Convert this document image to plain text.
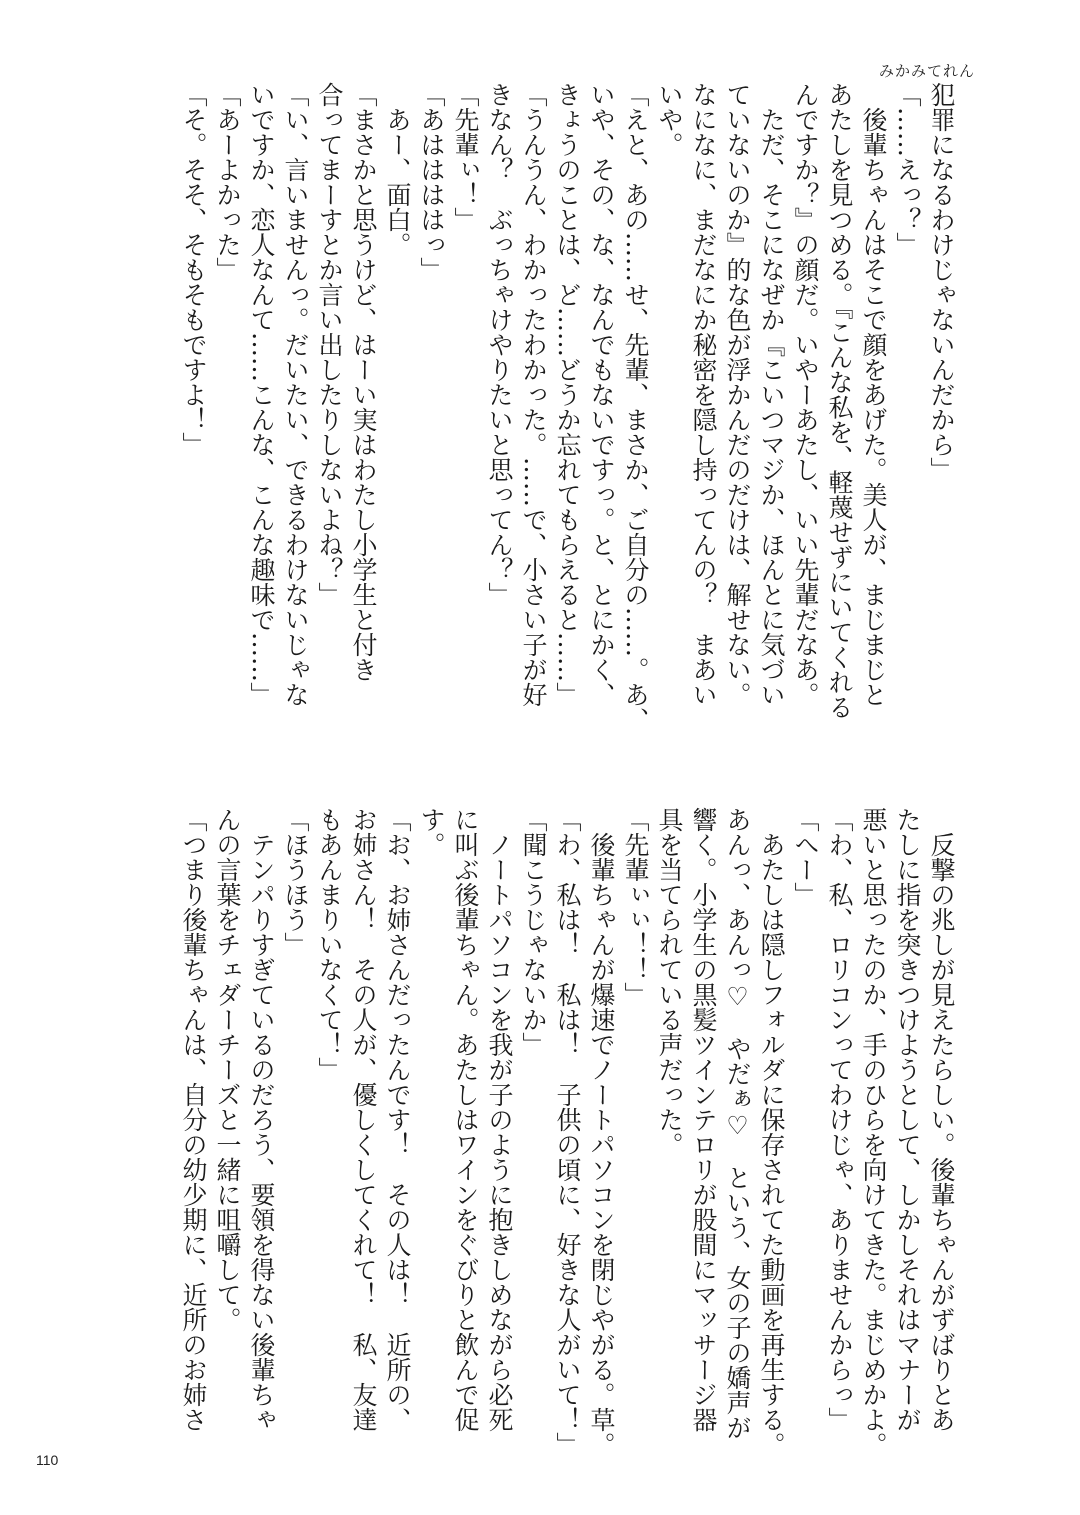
みかみてれん
犯罪になるわけじゃないんだから」
「……えっ？」
　後輩ちゃんはそこで顔をあげた。美人が、まじまじと
あたしを見つめる。『こんな私を、軽蔑せずにいてくれる
んですか？』の顔だ。いやーあたし、いい先輩だなあ。
　ただ、そこになぜか『こいつマジか、ほんとに気づい
ていないのか』的な色が浮かんだのだけは、解せない。
なになに、まだなにか秘密を隠し持ってんの？　まあい
いや。
「えと、あの……せ、先輩、まさか、ご自分の……。あ、
いや、その、な、なんでもないですっ。と、とにかく、
きょうのことは、ど……どうか忘れてもらえると……」
「うんうん、わかったわかった。……で、小さい子が好
きなん？　ぶっちゃけやりたいと思ってん？」
「先輩ぃ！」
「あははははっ」
　あー、面白。
「まさかと思うけど、はーい実はわたし小学生と付き
合ってまーすとか言い出したりしないよね？」
「い、言いませんっ。だいたい、できるわけないじゃな
いですか、恋人なんて……こんな、こんな趣味で……」
「あーよかった」
「そ。そそ、そもそもですよ！」
　反撃の兆しが見えたらしい。後輩ちゃんがずばりとあ
たしに指を突きつけようとして、しかしそれはマナーが
悪いと思ったのか、手のひらを向けてきた。まじめかよ。
「わ、私、ロリコンってわけじゃ、ありませんからっ」
「へー」
　あたしは隠しフォルダに保存されてた動画を再生する。
あんっ、あんっ♡　やだぁ♡　という、女の子の嬌声が
響く。小学生の黒髪ツインテロリが股間にマッサージ器
具を当てられている声だった。
「先輩ぃぃ！！」
　後輩ちゃんが爆速でノートパソコンを閉じやがる。草。
「わ、私は！　私は！　子供の頃に、好きな人がいて！」
「聞こうじゃないか」
　ノートパソコンを我が子のように抱きしめながら必死
に叫ぶ後輩ちゃん。あたしはワインをぐびりと飲んで促
す。
「お、お姉さんだったんです！　その人は！　近所の、
お姉さん！　その人が、優しくしてくれて！　私、友達
もあんまりいなくて！」
「ほうほう」
　テンパりすぎているのだろう、要領を得ない後輩ちゃ
んの言葉をチェダーチーズと一緒に咀嚼して。
「つまり後輩ちゃんは、自分の幼少期に、近所のお姉さ
110
